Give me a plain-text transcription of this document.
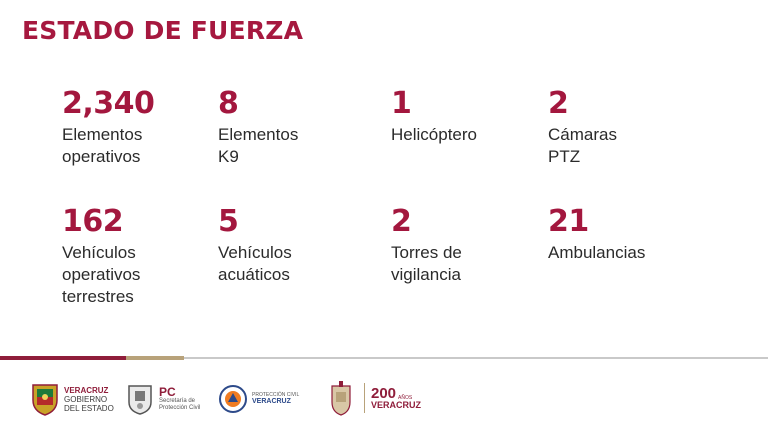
ESTADO DE FUERZA
2,340
Elementos
operativos
8
Elementos
K9
1
Helicóptero
2
Cámaras
PTZ
162
Vehículos
operativos
terrestres
5
Vehículos
acuáticos
2
Torres de
vigilancia
21
Ambulancias
VERACRUZ
GOBIERNO
DEL ESTADO
PC
Secretaría de
Protección Civil
PROTECCIÓN CIVIL
VERACRUZ	200 AÑOS
VERACRUZ
